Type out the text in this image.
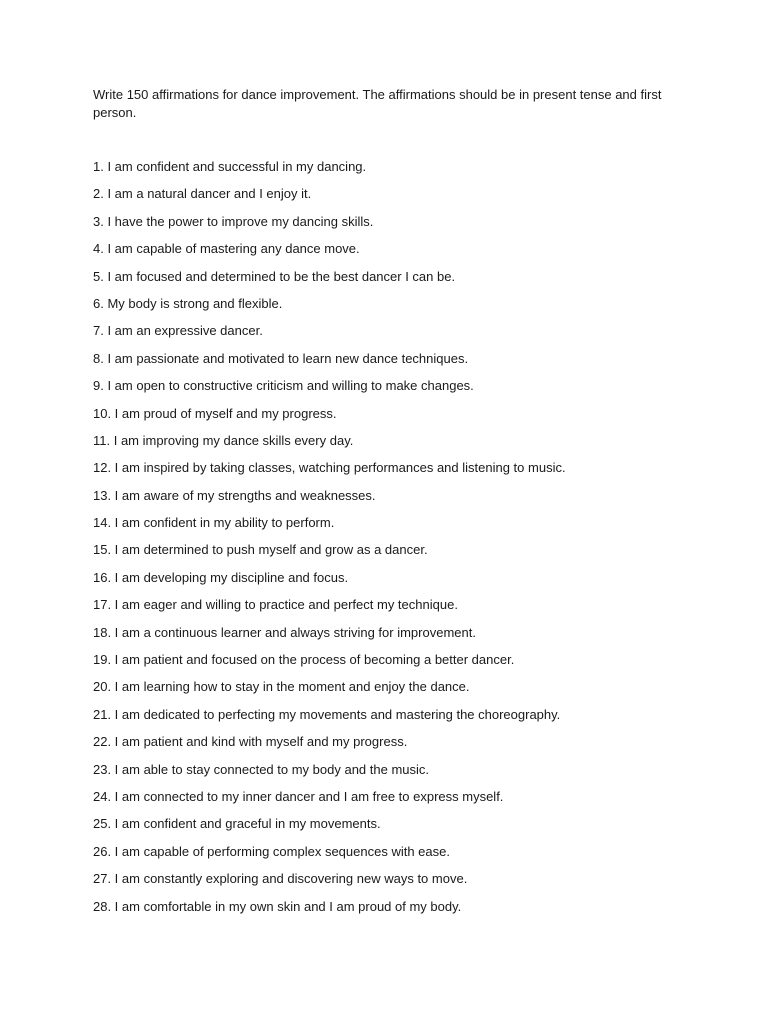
Write 150 affirmations for dance improvement. The affirmations should be in present tense and first person.

1. I am confident and successful in my dancing.
2. I am a natural dancer and I enjoy it.
3. I have the power to improve my dancing skills.
4. I am capable of mastering any dance move.
5. I am focused and determined to be the best dancer I can be.
6. My body is strong and flexible.
7. I am an expressive dancer.
8. I am passionate and motivated to learn new dance techniques.
9. I am open to constructive criticism and willing to make changes.
10. I am proud of myself and my progress.
11. I am improving my dance skills every day.
12. I am inspired by taking classes, watching performances and listening to music.
13. I am aware of my strengths and weaknesses.
14. I am confident in my ability to perform.
15. I am determined to push myself and grow as a dancer.
16. I am developing my discipline and focus.
17. I am eager and willing to practice and perfect my technique.
18. I am a continuous learner and always striving for improvement.
19. I am patient and focused on the process of becoming a better dancer.
20. I am learning how to stay in the moment and enjoy the dance.
21. I am dedicated to perfecting my movements and mastering the choreography.
22. I am patient and kind with myself and my progress.
23. I am able to stay connected to my body and the music.
24. I am connected to my inner dancer and I am free to express myself.
25. I am confident and graceful in my movements.
26. I am capable of performing complex sequences with ease.
27. I am constantly exploring and discovering new ways to move.
28. I am comfortable in my own skin and I am proud of my body.
